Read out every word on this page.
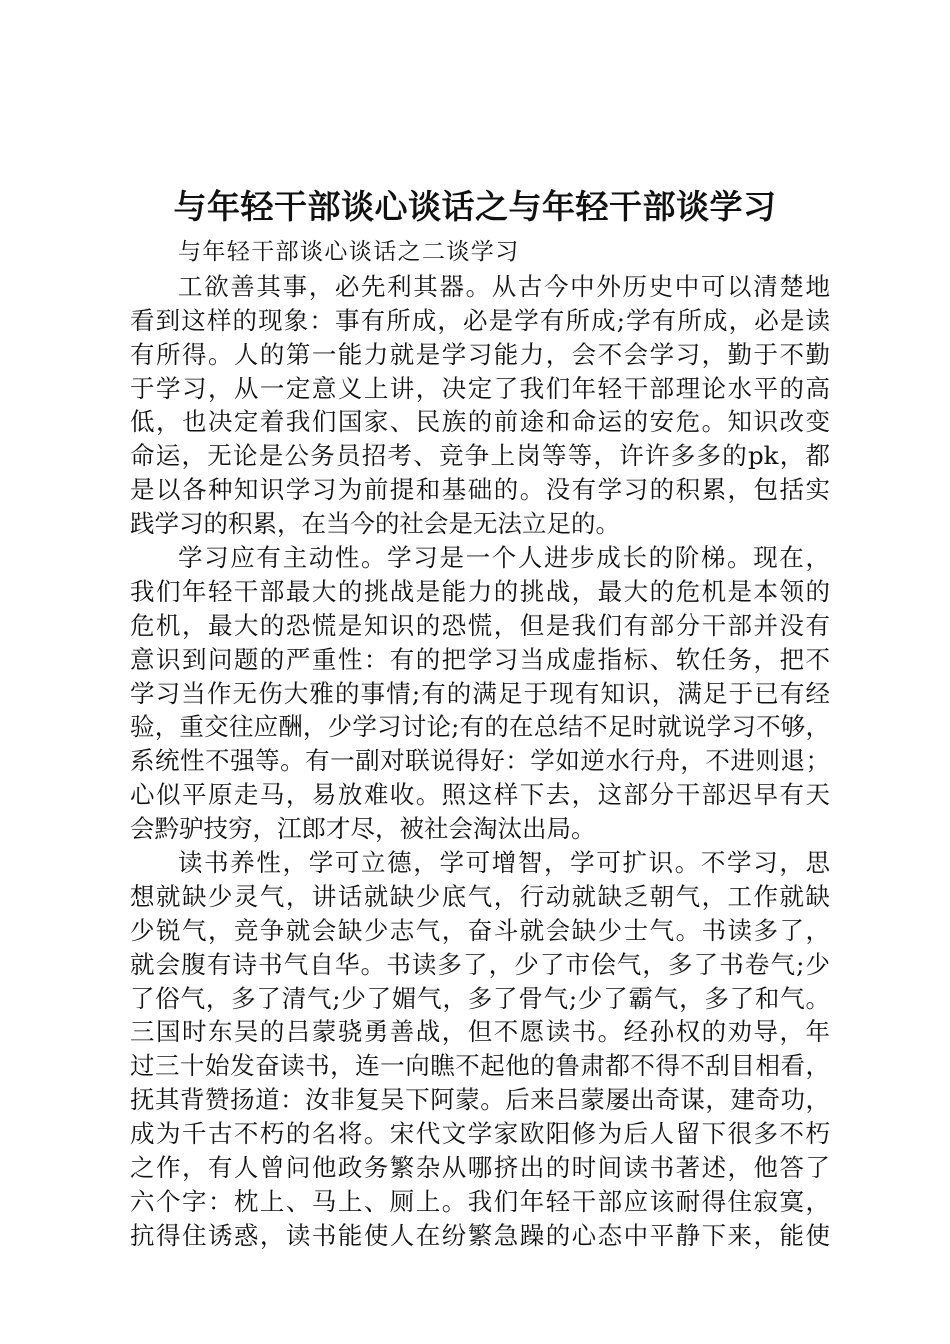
与年轻干部谈心谈话之与年轻干部谈学习
与年轻干部谈心谈话之二谈学习
工欲善其事，必先利其器。从古今中外历史中可以清楚地
看到这样的现象：事有所成，必是学有所成;学有所成，必是读
有所得。人的第一能力就是学习能力，会不会学习，勤于不勤
于学习，从一定意义上讲，决定了我们年轻干部理论水平的高
低，也决定着我们国家、民族的前途和命运的安危。知识改变
命运，无论是公务员招考、竞争上岗等等，许许多多的pk，都
是以各种知识学习为前提和基础的。没有学习的积累，包括实
践学习的积累，在当今的社会是无法立足的。
学习应有主动性。学习是一个人进步成长的阶梯。现在，
我们年轻干部最大的挑战是能力的挑战，最大的危机是本领的
危机，最大的恐慌是知识的恐慌，但是我们有部分干部并没有
意识到问题的严重性：有的把学习当成虚指标、软任务，把不
学习当作无伤大雅的事情;有的满足于现有知识，满足于已有经
验，重交往应酬，少学习讨论;有的在总结不足时就说学习不够，
系统性不强等。有一副对联说得好：学如逆水行舟，不进则退；
心似平原走马，易放难收。照这样下去，这部分干部迟早有天
会黔驴技穷，江郎才尽，被社会淘汰出局。
读书养性，学可立德，学可增智，学可扩识。不学习，思
想就缺少灵气，讲话就缺少底气，行动就缺乏朝气，工作就缺
少锐气，竞争就会缺少志气，奋斗就会缺少士气。书读多了，
就会腹有诗书气自华。书读多了，少了市侩气，多了书卷气;少
了俗气，多了清气;少了媚气，多了骨气;少了霸气，多了和气。
三国时东吴的吕蒙骁勇善战，但不愿读书。经孙权的劝导，年
过三十始发奋读书，连一向瞧不起他的鲁肃都不得不刮目相看，
抚其背赞扬道：汝非复吴下阿蒙。后来吕蒙屡出奇谋，建奇功，
成为千古不朽的名将。宋代文学家欧阳修为后人留下很多不朽
之作，有人曾问他政务繁杂从哪挤出的时间读书著述，他答了
六个字：枕上、马上、厕上。我们年轻干部应该耐得住寂寞，
抗得住诱惑，读书能使人在纷繁急躁的心态中平静下来，能使
